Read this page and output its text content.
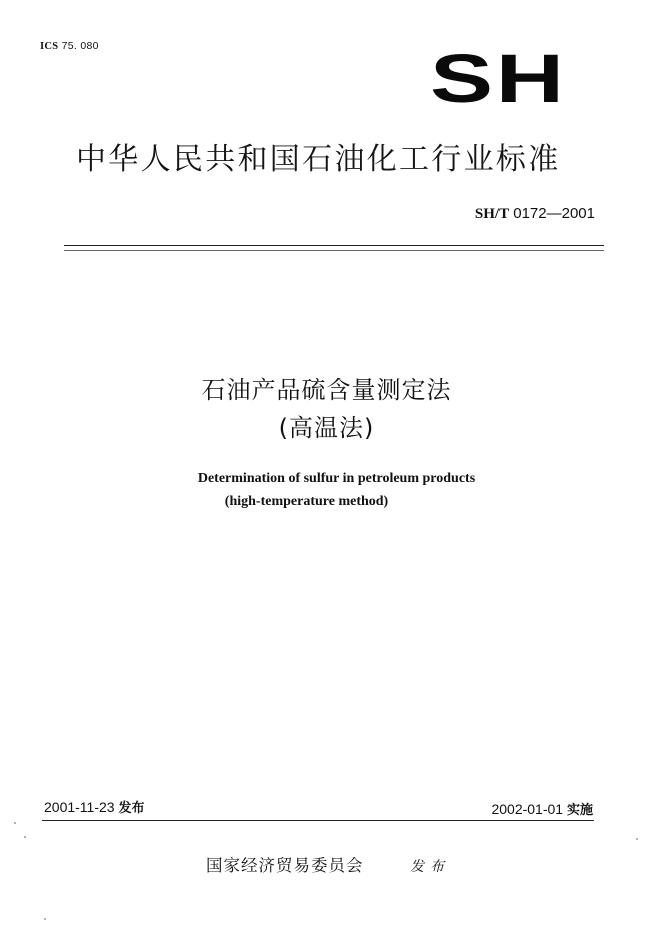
ICS 75. 080	SH
中华人民共和国石油化工行业标准
SH/T 0172—2001
石油产品硫含量测定法
(高温法)
Determination of sulfur in petroleum products
(high-temperature method)
2001-11-23 发布	2002-01-01 实施
国家经济贸易委员会	发布
